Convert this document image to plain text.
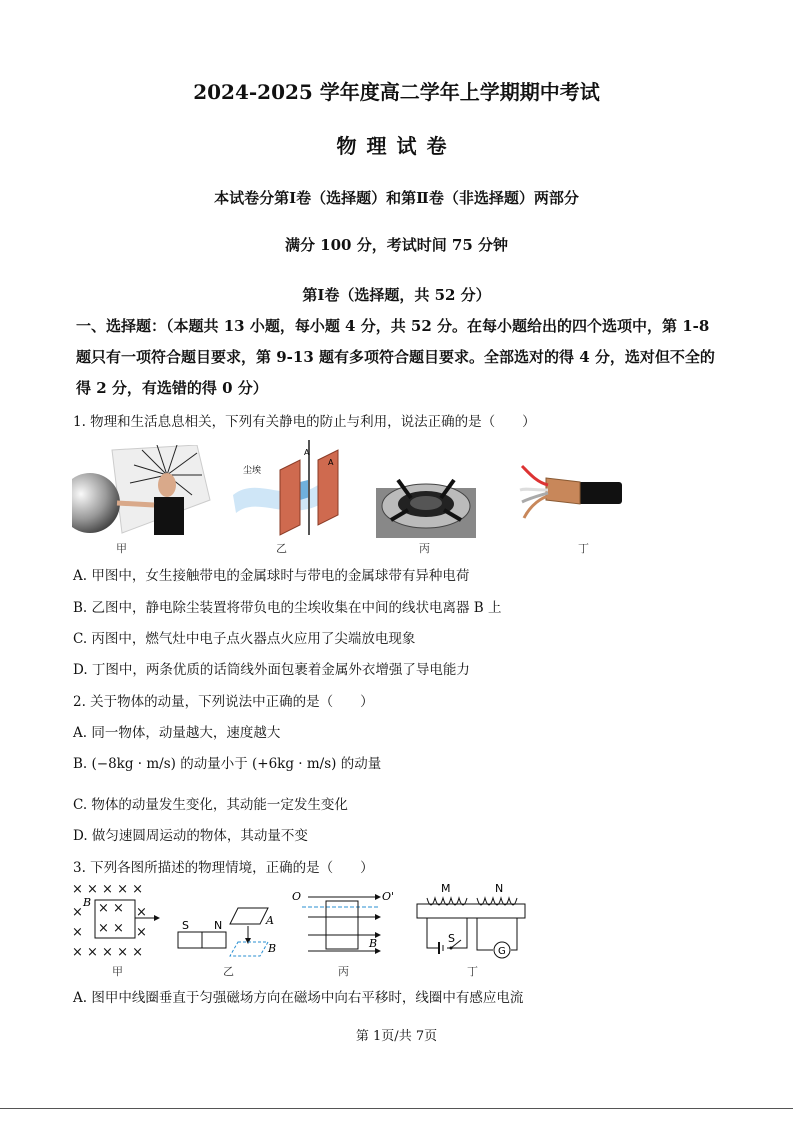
2024-2025 学年度高二学年上学期期中考试
物理试卷
本试卷分第Ⅰ卷（选择题）和第Ⅱ卷（非选择题）两部分
满分 100 分，考试时间 75 分钟
第Ⅰ卷（选择题，共 52 分）
一、选择题：（本题共 13 小题，每小题 4 分，共 52 分。在每小题给出的四个选项中，第 1-8 题只有一项符合题目要求，第 9-13 题有多项符合题目要求。全部选对的得 4 分，选对但不全的得 2 分，有选错的得 0 分）
1. 物理和生活息息相关，下列有关静电的防止与利用，说法正确的是（　　）
甲
尘埃
A
A
乙	丙	丁
A. 甲图中，女生接触带电的金属球时与带电的金属球带有异种电荷
B. 乙图中，静电除尘装置将带负电的尘埃收集在中间的线状电离器 B 上
C. 丙图中，燃气灶中电子点火器点火应用了尖端放电现象
D. 丁图中，两条优质的话筒线外面包裹着金属外衣增强了导电能力
2. 关于物体的动量，下列说法中正确的是（　　）
A. 同一物体，动量越大，速度越大
B. (−8kg · m/s) 的动量小于 (+6kg · m/s) 的动量
C. 物体的动量发生变化，其动能一定发生变化
D. 做匀速圆周运动的物体，其动量不变
3. 下列各图所描述的物理情境，正确的是（　　）
× × × × ×
× ×
×	×
× × × ×
× × × × ×
B
甲
S N	A
B
乙
O	O'
B
丙
M	N
S
G
丁
A. 图甲中线圈垂直于匀强磁场方向在磁场中向右平移时，线圈中有感应电流
第 1页/共 7页
